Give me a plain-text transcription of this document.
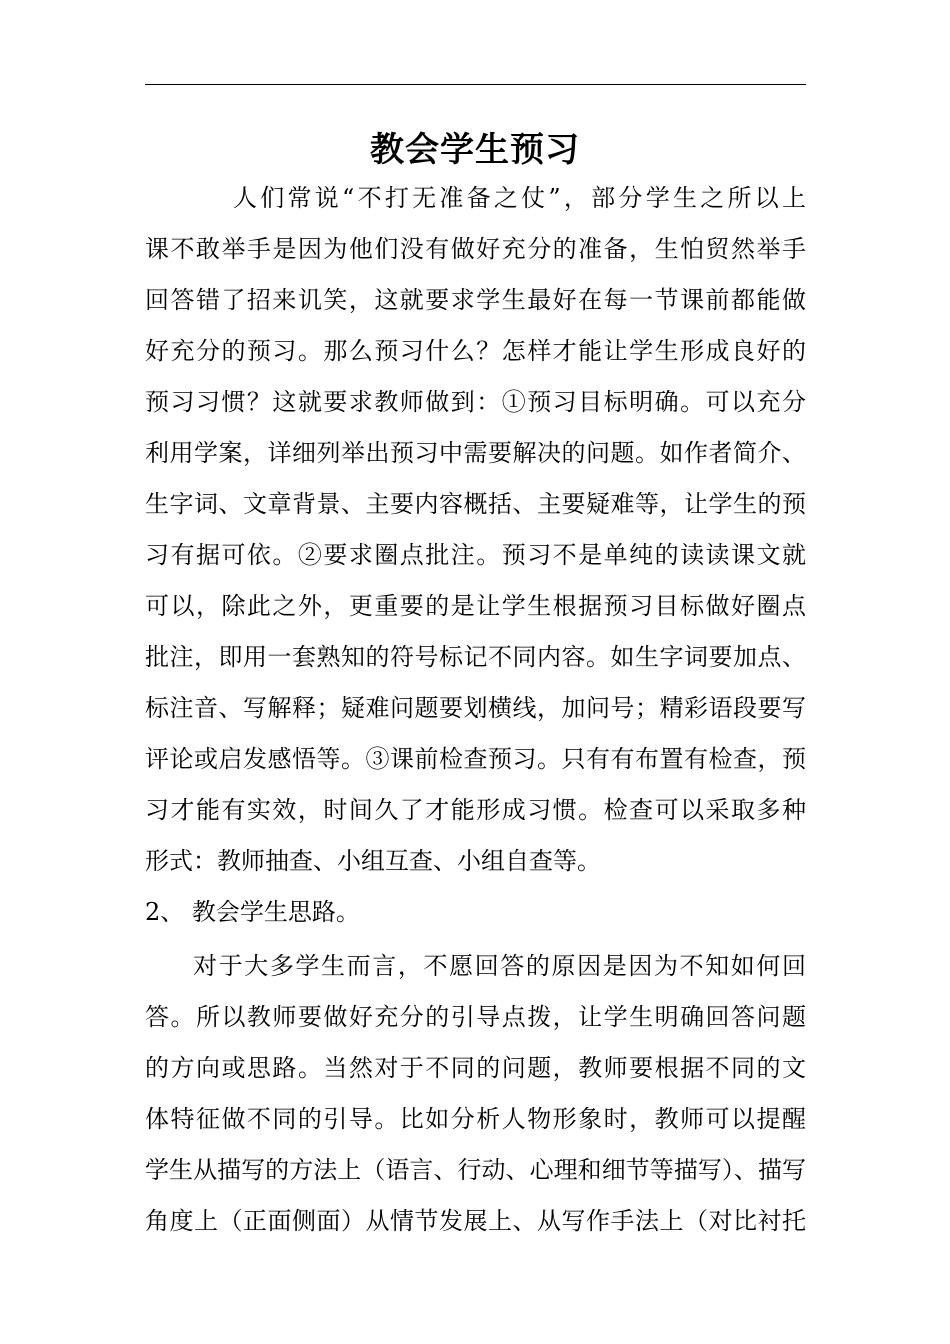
教会学生预习
人们常说“不打无准备之仗”，部分学生之所以上
课不敢举手是因为他们没有做好充分的准备，生怕贸然举手
回答错了招来讥笑，这就要求学生最好在每一节课前都能做
好充分的预习。那么预习什么？怎样才能让学生形成良好的
预习习惯？这就要求教师做到：①预习目标明确。可以充分
利用学案，详细列举出预习中需要解决的问题。如作者简介、
生字词、文章背景、主要内容概括、主要疑难等，让学生的预
习有据可依。②要求圈点批注。预习不是单纯的读读课文就
可以，除此之外，更重要的是让学生根据预习目标做好圈点
批注，即用一套熟知的符号标记不同内容。如生字词要加点、
标注音、写解释；疑难问题要划横线，加问号；精彩语段要写
评论或启发感悟等。③课前检查预习。只有有布置有检查，预
习才能有实效，时间久了才能形成习惯。检查可以采取多种
形式：教师抽查、小组互查、小组自查等。
2、 教会学生思路。
对于大多学生而言，不愿回答的原因是因为不知如何回
答。所以教师要做好充分的引导点拨，让学生明确回答问题
的方向或思路。当然对于不同的问题，教师要根据不同的文
体特征做不同的引导。比如分析人物形象时，教师可以提醒
学生从描写的方法上（语言、行动、心理和细节等描写）、描写
角度上（正面侧面）从情节发展上、从写作手法上（对比衬托
